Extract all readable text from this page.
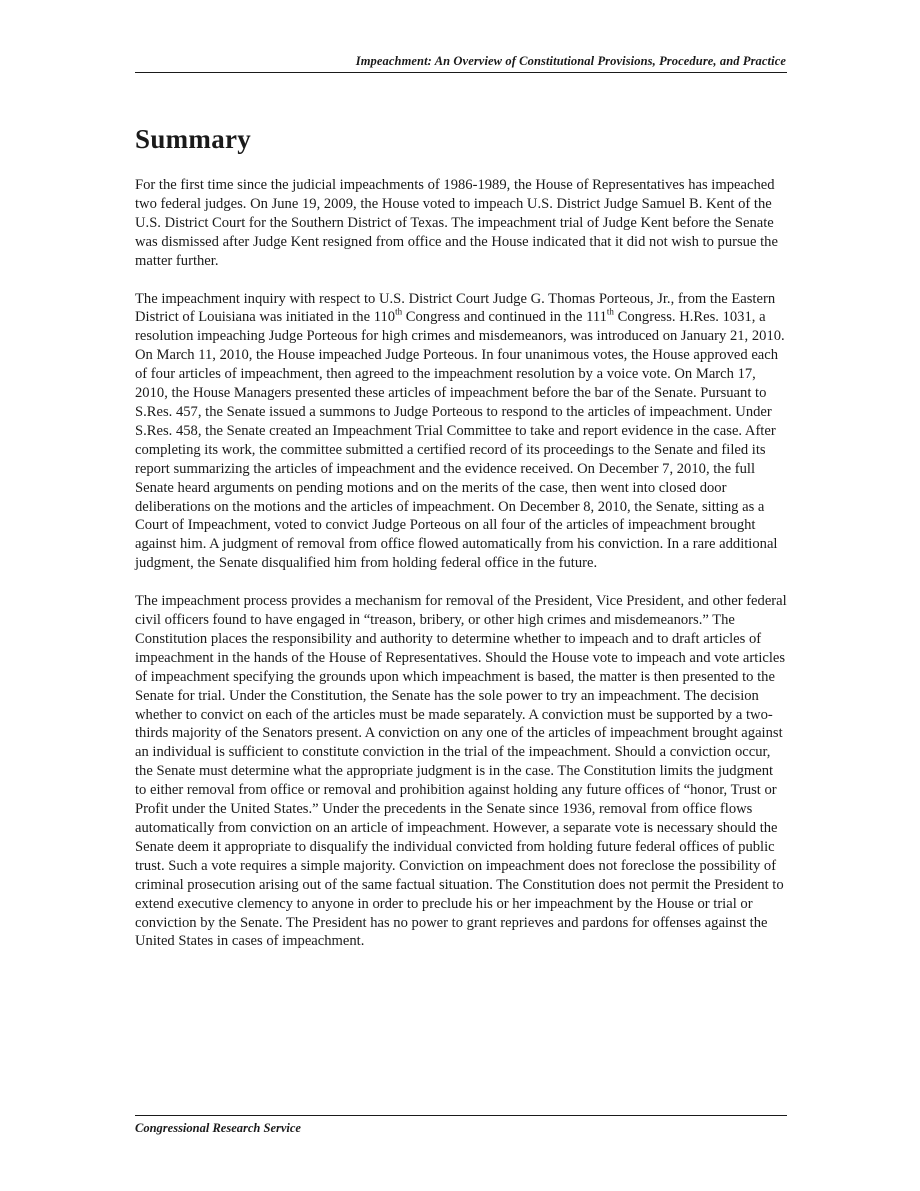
Impeachment: An Overview of Constitutional Provisions, Procedure, and Practice
Summary

For the first time since the judicial impeachments of 1986-1989, the House of Representatives has impeached two federal judges. On June 19, 2009, the House voted to impeach U.S. District Judge Samuel B. Kent of the U.S. District Court for the Southern District of Texas. The impeachment trial of Judge Kent before the Senate was dismissed after Judge Kent resigned from office and the House indicated that it did not wish to pursue the matter further.

The impeachment inquiry with respect to U.S. District Court Judge G. Thomas Porteous, Jr., from the Eastern District of Louisiana was initiated in the 110th Congress and continued in the 111th Congress. H.Res. 1031, a resolution impeaching Judge Porteous for high crimes and misdemeanors, was introduced on January 21, 2010. On March 11, 2010, the House impeached Judge Porteous. In four unanimous votes, the House approved each of four articles of impeachment, then agreed to the impeachment resolution by a voice vote. On March 17, 2010, the House Managers presented these articles of impeachment before the bar of the Senate. Pursuant to S.Res. 457, the Senate issued a summons to Judge Porteous to respond to the articles of impeachment. Under S.Res. 458, the Senate created an Impeachment Trial Committee to take and report evidence in the case. After completing its work, the committee submitted a certified record of its proceedings to the Senate and filed its report summarizing the articles of impeachment and the evidence received. On December 7, 2010, the full Senate heard arguments on pending motions and on the merits of the case, then went into closed door deliberations on the motions and the articles of impeachment. On December 8, 2010, the Senate, sitting as a Court of Impeachment, voted to convict Judge Porteous on all four of the articles of impeachment brought against him. A judgment of removal from office flowed automatically from his conviction. In a rare additional judgment, the Senate disqualified him from holding federal office in the future.

The impeachment process provides a mechanism for removal of the President, Vice President, and other federal civil officers found to have engaged in “treason, bribery, or other high crimes and misdemeanors.” The Constitution places the responsibility and authority to determine whether to impeach and to draft articles of impeachment in the hands of the House of Representatives. Should the House vote to impeach and vote articles of impeachment specifying the grounds upon which impeachment is based, the matter is then presented to the Senate for trial. Under the Constitution, the Senate has the sole power to try an impeachment. The decision whether to convict on each of the articles must be made separately. A conviction must be supported by a two-thirds majority of the Senators present. A conviction on any one of the articles of impeachment brought against an individual is sufficient to constitute conviction in the trial of the impeachment. Should a conviction occur, the Senate must determine what the appropriate judgment is in the case. The Constitution limits the judgment to either removal from office or removal and prohibition against holding any future offices of “honor, Trust or Profit under the United States.” Under the precedents in the Senate since 1936, removal from office flows automatically from conviction on an article of impeachment. However, a separate vote is necessary should the Senate deem it appropriate to disqualify the individual convicted from holding future federal offices of public trust. Such a vote requires a simple majority. Conviction on impeachment does not foreclose the possibility of criminal prosecution arising out of the same factual situation. The Constitution does not permit the President to extend executive clemency to anyone in order to preclude his or her impeachment by the House or trial or conviction by the Senate. The President has no power to grant reprieves and pardons for offenses against the United States in cases of impeachment.

Congressional Research Service
